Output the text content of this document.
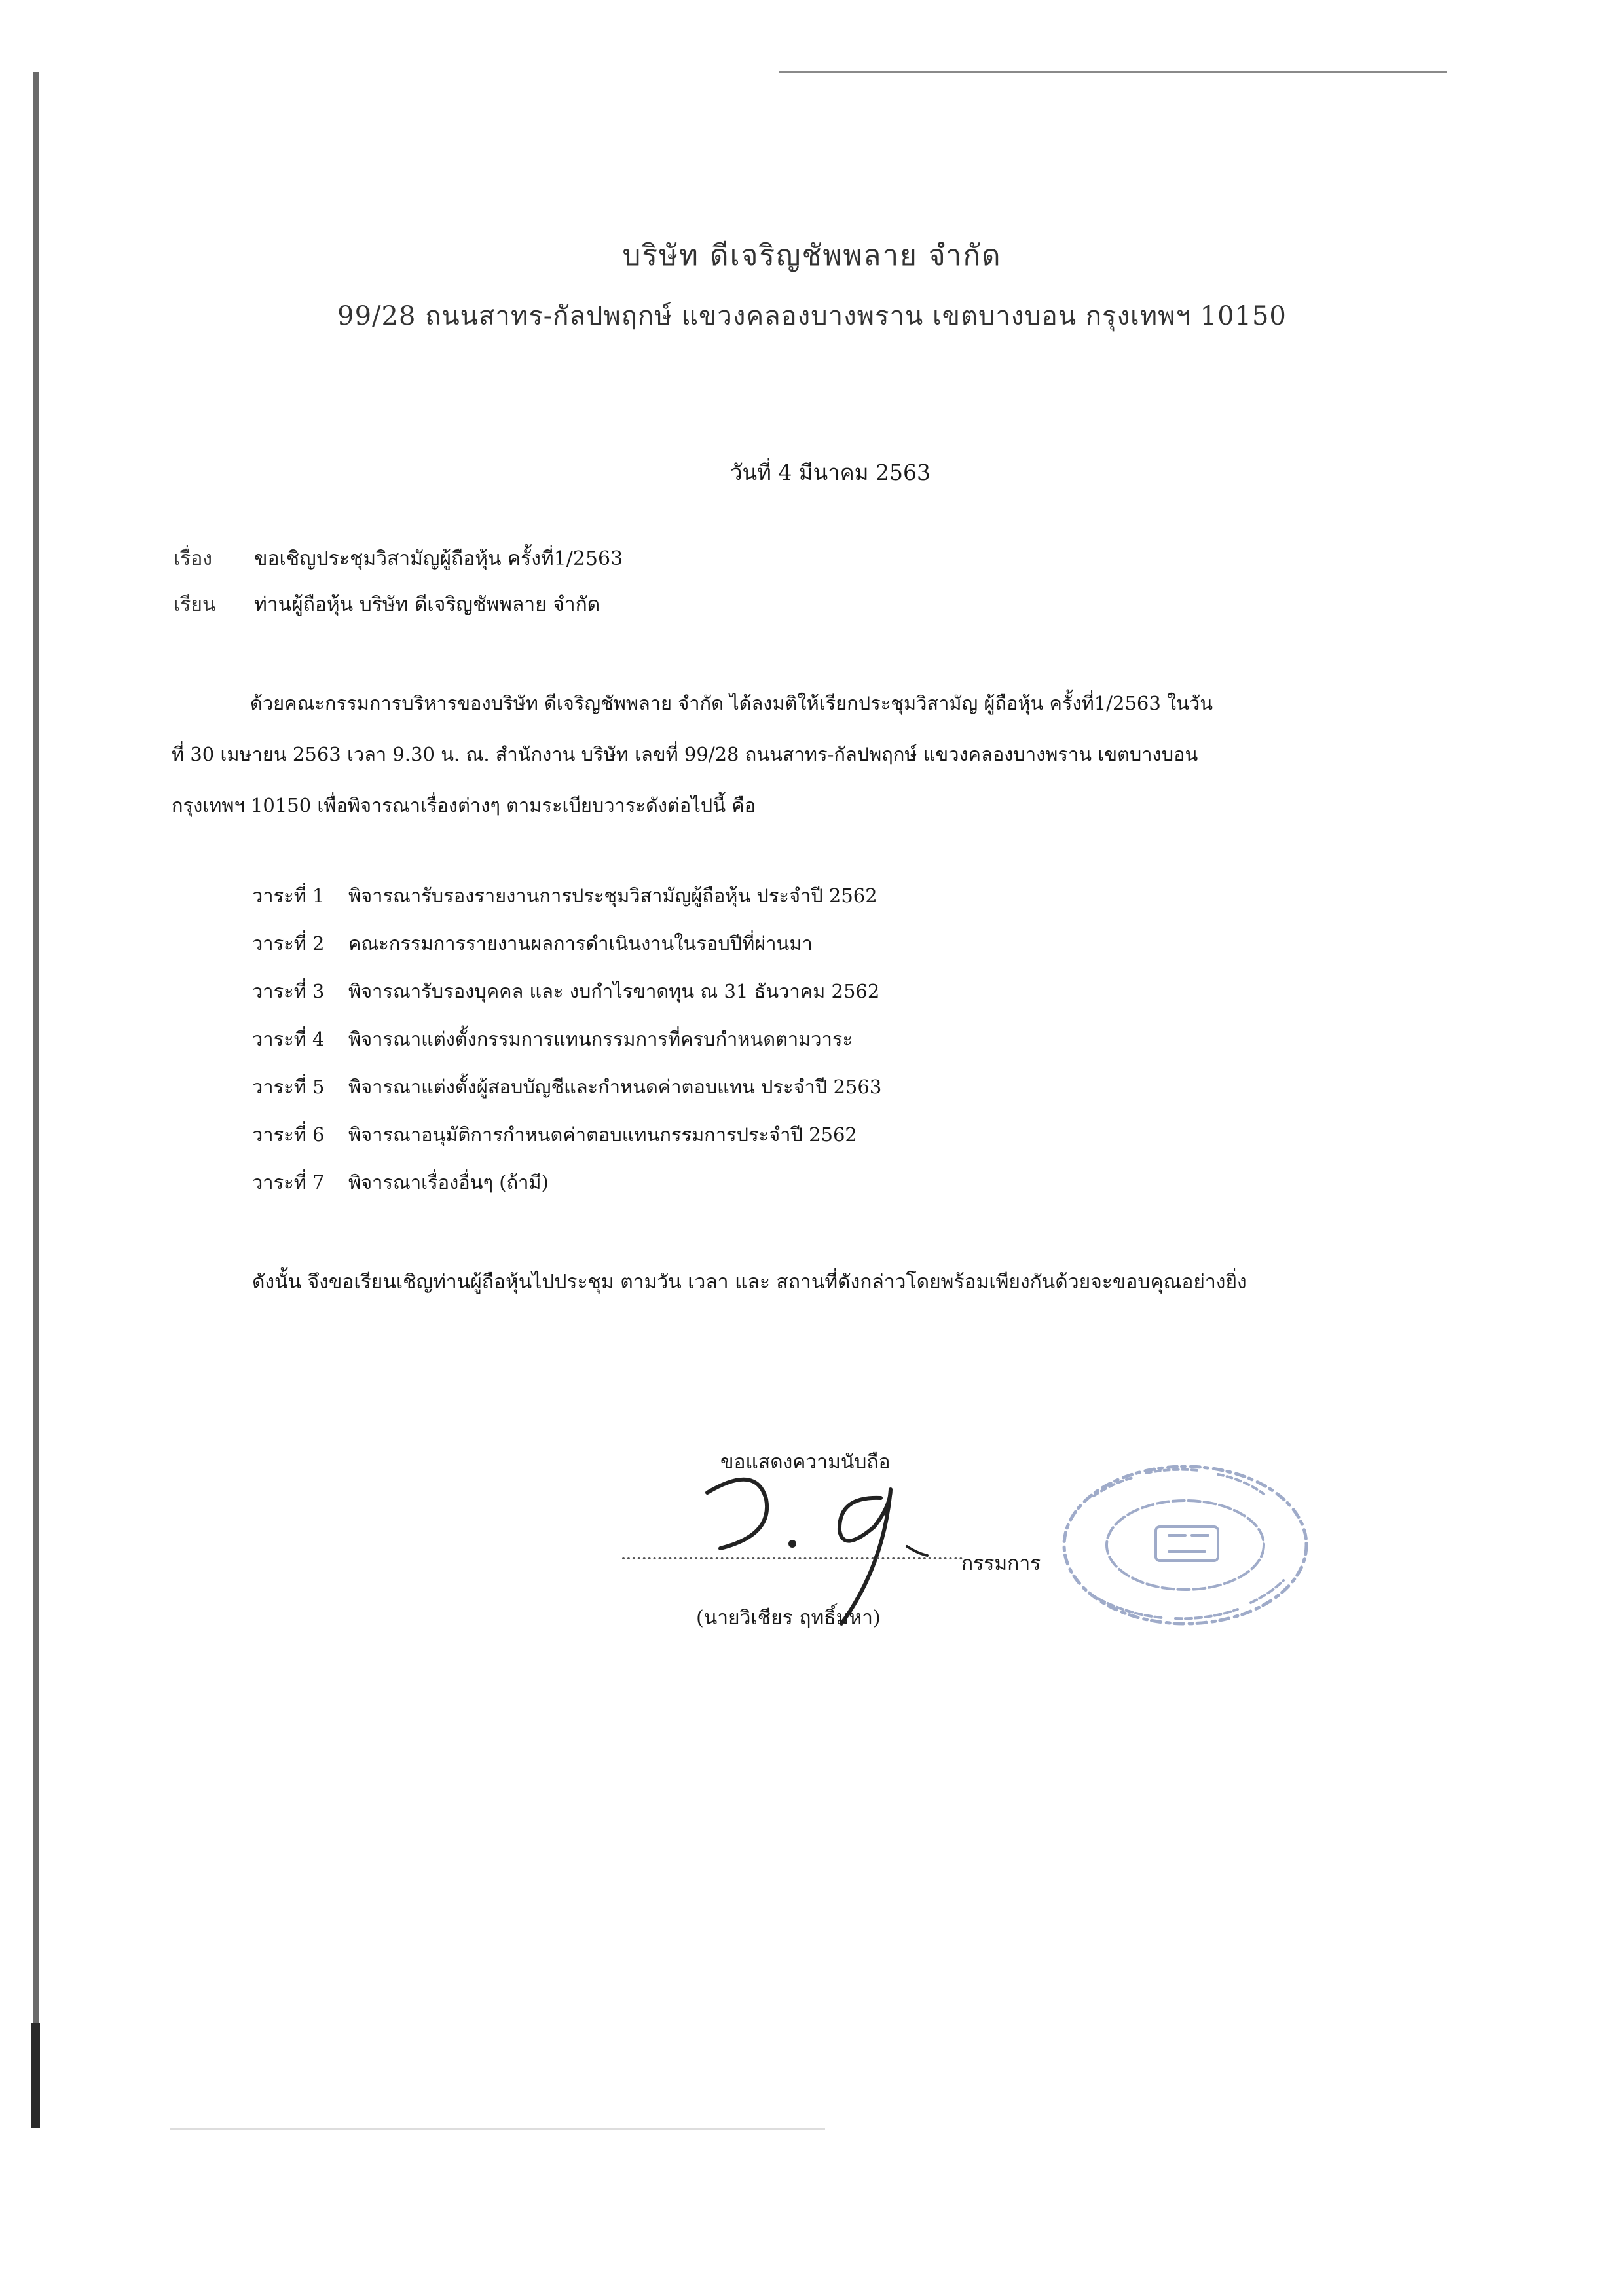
บริษัท ดีเจริญชัพพลาย จำกัด
99/28 ถนนสาทร-กัลปพฤกษ์ แขวงคลองบางพราน เขตบางบอน กรุงเทพฯ 10150
วันที่ 4 มีนาคม 2563
เรื่อง ขอเชิญประชุมวิสามัญผู้ถือหุ้น ครั้งที่1/2563
เรียน ท่านผู้ถือหุ้น บริษัท ดีเจริญชัพพลาย จำกัด
ด้วยคณะกรรมการบริหารของบริษัท ดีเจริญชัพพลาย จำกัด ได้ลงมติให้เรียกประชุมวิสามัญ ผู้ถือหุ้น ครั้งที่1/2563 ในวัน
ที่ 30 เมษายน 2563 เวลา 9.30 น. ณ. สำนักงาน บริษัท เลขที่ 99/28 ถนนสาทร-กัลปพฤกษ์ แขวงคลองบางพราน เขตบางบอน
กรุงเทพฯ 10150 เพื่อพิจารณาเรื่องต่างๆ ตามระเบียบวาระดังต่อไปนี้ คือ
วาระที่ 1 พิจารณารับรองรายงานการประชุมวิสามัญผู้ถือหุ้น ประจำปี 2562
วาระที่ 2 คณะกรรมการรายงานผลการดำเนินงานในรอบปีที่ผ่านมา
วาระที่ 3 พิจารณารับรองบุคคล และ งบกำไรขาดทุน ณ 31 ธันวาคม 2562
วาระที่ 4 พิจารณาแต่งตั้งกรรมการแทนกรรมการที่ครบกำหนดตามวาระ
วาระที่ 5 พิจารณาแต่งตั้งผู้สอบบัญชีและกำหนดค่าตอบแทน ประจำปี 2563
วาระที่ 6 พิจารณาอนุมัติการกำหนดค่าตอบแทนกรรมการประจำปี 2562
วาระที่ 7 พิจารณาเรื่องอื่นๆ (ถ้ามี)
ดังนั้น จึงขอเรียนเชิญท่านผู้ถือหุ้นไปประชุม ตามวัน เวลา และ สถานที่ดังกล่าวโดยพร้อมเพียงกันด้วยจะขอบคุณอย่างยิ่ง
ขอแสดงความนับถือ
กรรมการ
(นายวิเชียร ฤทธิ์มหา)
